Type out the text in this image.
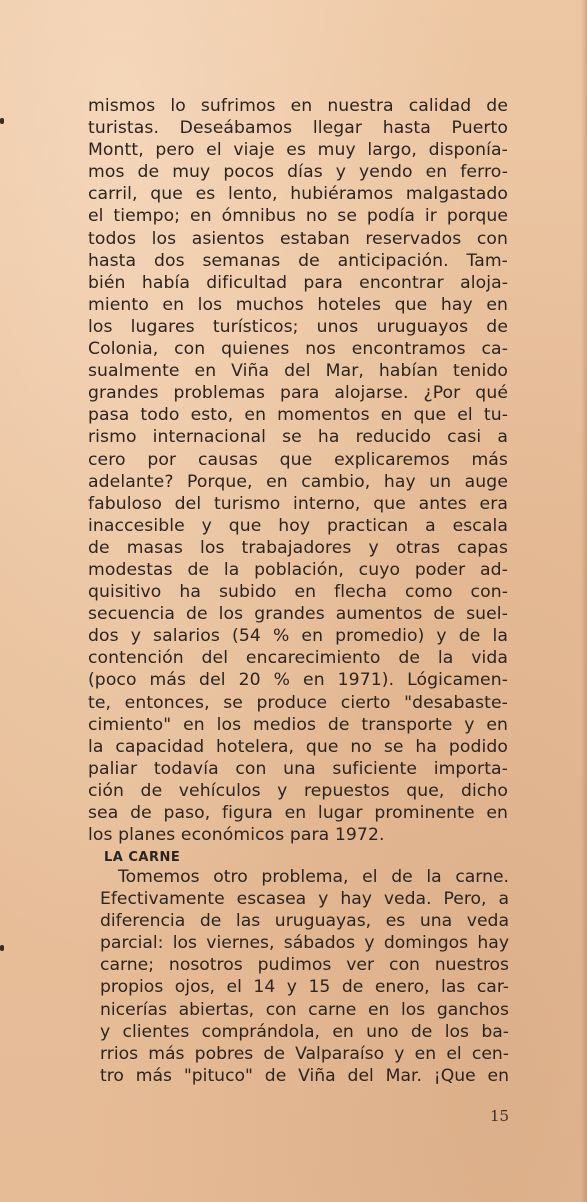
mismos lo sufrimos en nuestra calidad de
turistas. Deseábamos llegar hasta Puerto
Montt, pero el viaje es muy largo, disponía-
mos de muy pocos días y yendo en ferro-
carril, que es lento, hubiéramos malgastado
el tiempo; en ómnibus no se podía ir porque
todos los asientos estaban reservados con
hasta dos semanas de anticipación. Tam-
bién había dificultad para encontrar aloja-
miento en los muchos hoteles que hay en
los lugares turísticos; unos uruguayos de
Colonia, con quienes nos encontramos ca-
sualmente en Viña del Mar, habían tenido
grandes problemas para alojarse. ¿Por qué
pasa todo esto, en momentos en que el tu-
rismo internacional se ha reducido casi a
cero por causas que explicaremos más
adelante? Porque, en cambio, hay un auge
fabuloso del turismo interno, que antes era
inaccesible y que hoy practican a escala
de masas los trabajadores y otras capas
modestas de la población, cuyo poder ad-
quisitivo ha subido en flecha como con-
secuencia de los grandes aumentos de suel-
dos y salarios (54 % en promedio) y de la
contención del encarecimiento de la vida
(poco más del 20 % en 1971). Lógicamen-
te, entonces, se produce cierto "desabaste-
cimiento" en los medios de transporte y en
la capacidad hotelera, que no se ha podido
paliar todavía con una suficiente importa-
ción de vehículos y repuestos que, dicho
sea de paso, figura en lugar prominente en
los planes económicos para 1972.
LA CARNE
Tomemos otro problema, el de la carne.
Efectivamente escasea y hay veda. Pero, a
diferencia de las uruguayas, es una veda
parcial: los viernes, sábados y domingos hay
carne; nosotros pudimos ver con nuestros
propios ojos, el 14 y 15 de enero, las car-
nicerías abiertas, con carne en los ganchos
y clientes comprándola, en uno de los ba-
rrios más pobres de Valparaíso y en el cen-
tro más "pituco" de Viña del Mar. ¡Que en
15
